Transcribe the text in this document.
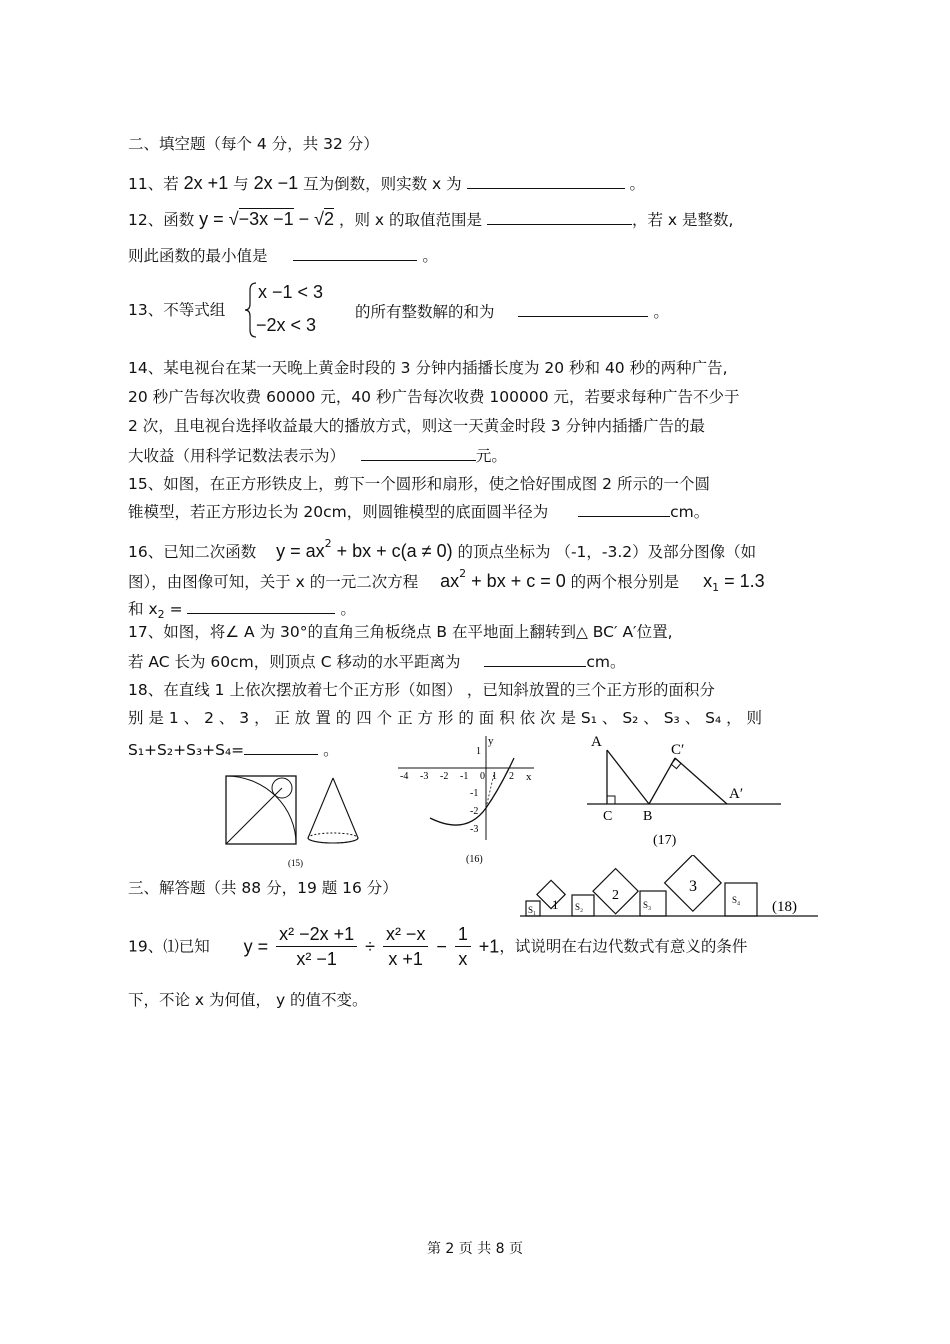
二、填空题（每个 4 分，共 32 分）
11、若 2x +1 与 2x −1 互为倒数，则实数 x 为	。
12、函数 y = √−3x −1 − √2 ，则 x 的取值范围是	，若 x 是整数,
则此函数的最小值是	。
13、不等式组
x −1 < 3
−2x < 3
的所有整数解的和为	。
14、某电视台在某一天晚上黄金时段的 3 分钟内插播长度为 20 秒和 40 秒的两种广告,
20 秒广告每次收费 60000 元，40 秒广告每次收费 100000 元，若要求每种广告不少于
2 次，且电视台选择收益最大的播放方式，则这一天黄金时段 3 分钟内插播广告的最
大收益（用科学记数法表示为）	元。
15、如图，在正方形铁皮上，剪下一个圆形和扇形，使之恰好围成图 2 所示的一个圆
锥模型，若正方形边长为 20cm，则圆锥模型的底面圆半径为	cm。
16、已知二次函数 $y = ax^2$ + bx + c(a ≠ 0) 的顶点坐标为 （-1，-3.2）及部分图像（如
图），由图像可知，关于 x 的一元二次方程 $ax^2$ + bx + c = 0 的两个根分别是 $x_1 = 1.3$
和 $x_2$ =	。
17、如图，将∠ A 为 30°的直角三角板绕点 B 在平地面上翻转到△ BC′ A′位置,
若 AC 长为 60cm，则顶点 C 移动的水平距离为	cm。
18、在直线 1 上依次摆放着七个正方形（如图） ，已知斜放置的三个正方形的面积分
别 是 1 、 2 、 3 ， 正 放 置 的 四 个 正 方 形 的 面 积 依 次 是 S₁ 、 S₂ 、 S₃ 、 S₄ ， 则
S₁+S₂+S₃+S₄=	。
(15)
y
x
-4 -3 -2 -1 0 1 2
1
-1
-2
-3
(16)
A
C B
C′
A′
(17)
三、解答题（共 88 分，19 题 16 分）
S₁ 1 S₂
2
S₃
3
S₄ (18)
19、⑴已知 $y = \frac{\text{x² −2x +1}}{\text{x² −1}} \div \frac{\text{x² −x}}{x +1} - \frac{1}{x} +1$，试说明在右边代数式有意义的条件
下，不论 x 为何值， y 的值不变。
第 2 页 共 8 页
